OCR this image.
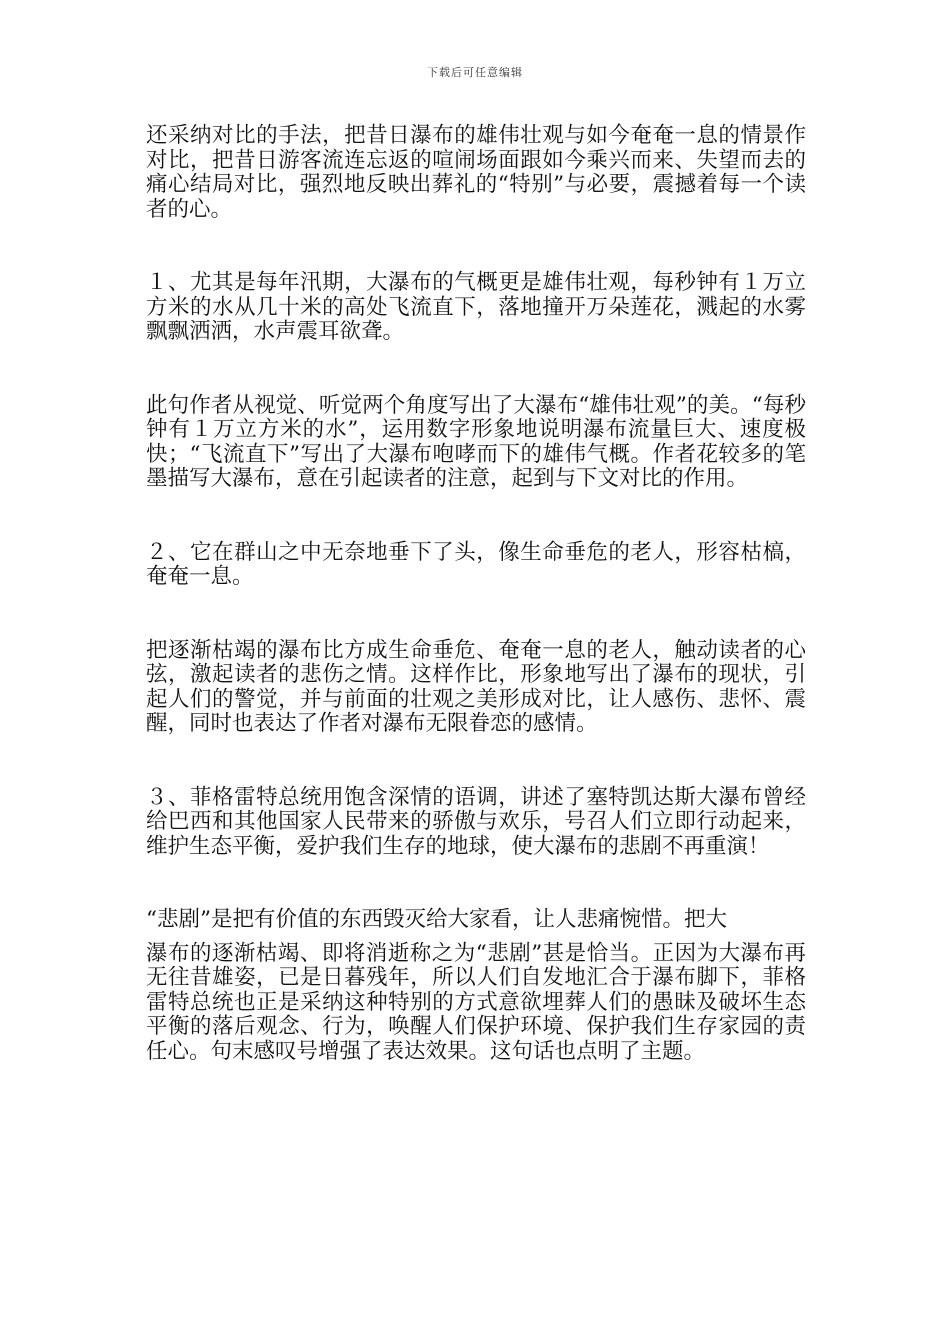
下载后可任意编辑

还采纳对比的手法，把昔日瀑布的雄伟壮观与如今奄奄一息的情景作对比，把昔日游客流连忘返的喧闹场面跟如今乘兴而来、失望而去的痛心结局对比，强烈地反映出葬礼的“特别”与必要，震撼着每一个读者的心。

１、尤其是每年汛期，大瀑布的气概更是雄伟壮观，每秒钟有１万立方米的水从几十米的高处飞流直下，落地撞开万朵莲花，溅起的水雾飘飘洒洒，水声震耳欲聋。

此句作者从视觉、听觉两个角度写出了大瀑布“雄伟壮观”的美。“每秒钟有１万立方米的水”，运用数字形象地说明瀑布流量巨大、速度极快；“飞流直下”写出了大瀑布咆哮而下的雄伟气概。作者花较多的笔墨描写大瀑布，意在引起读者的注意，起到与下文对比的作用。

２、它在群山之中无奈地垂下了头，像生命垂危的老人，形容枯槁，奄奄一息。

把逐渐枯竭的瀑布比方成生命垂危、奄奄一息的老人，触动读者的心弦，激起读者的悲伤之情。这样作比，形象地写出了瀑布的现状，引起人们的警觉，并与前面的壮观之美形成对比，让人感伤、悲怀、震醒，同时也表达了作者对瀑布无限眷恋的感情。

３、菲格雷特总统用饱含深情的语调，讲述了塞特凯达斯大瀑布曾经给巴西和其他国家人民带来的骄傲与欢乐，号召人们立即行动起来，维护生态平衡，爱护我们生存的地球，使大瀑布的悲剧不再重演！

“悲剧”是把有价值的东西毁灭给大家看，让人悲痛惋惜。把大

瀑布的逐渐枯竭、即将消逝称之为“悲剧”甚是恰当。正因为大瀑布再无往昔雄姿，已是日暮残年，所以人们自发地汇合于瀑布脚下，菲格雷特总统也正是采纳这种特别的方式意欲埋葬人们的愚昧及破坏生态平衡的落后观念、行为，唤醒人们保护环境、保护我们生存家园的责任心。句末感叹号增强了表达效果。这句话也点明了主题。
